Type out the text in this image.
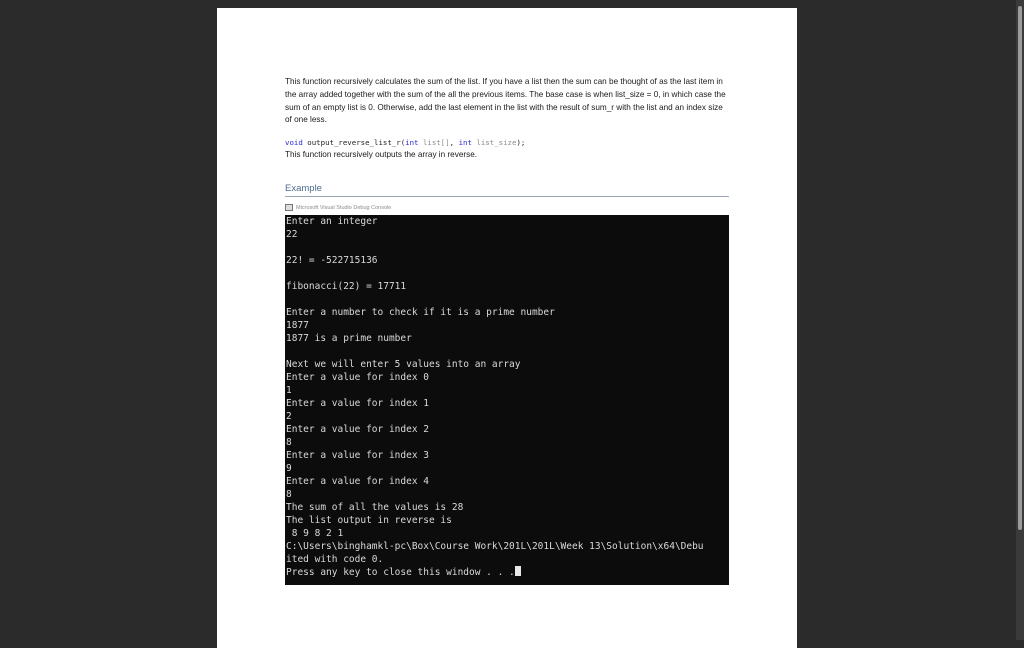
This function recursively calculates the sum of the list. If you have a list then the sum can be thought of as the last item in the array added together with the sum of the all the previous items. The base case is when list_size = 0, in which case the sum of an empty list is 0. Otherwise, add the last element in the list with the result of sum_r with the list and an index size of one less.
void output_reverse_list_r(int list[], int list_size);
This function recursively outputs the array in reverse.
Example
Microsoft Visual Studio Debug Console
Enter an integer
22

22! = -522715136

fibonacci(22) = 17711

Enter a number to check if it is a prime number
1877
1877 is a prime number

Next we will enter 5 values into an array
Enter a value for index 0
1
Enter a value for index 1
2
Enter a value for index 2
8
Enter a value for index 3
9
Enter a value for index 4
8
The sum of all the values is 28
The list output in reverse is
8 9 8 2 1
C:\Users\binghamkl-pc\Box\Course Work\201L\201L\Week 13\Solution\x64\Debu
ited with code 0.
Press any key to close this window . . .
